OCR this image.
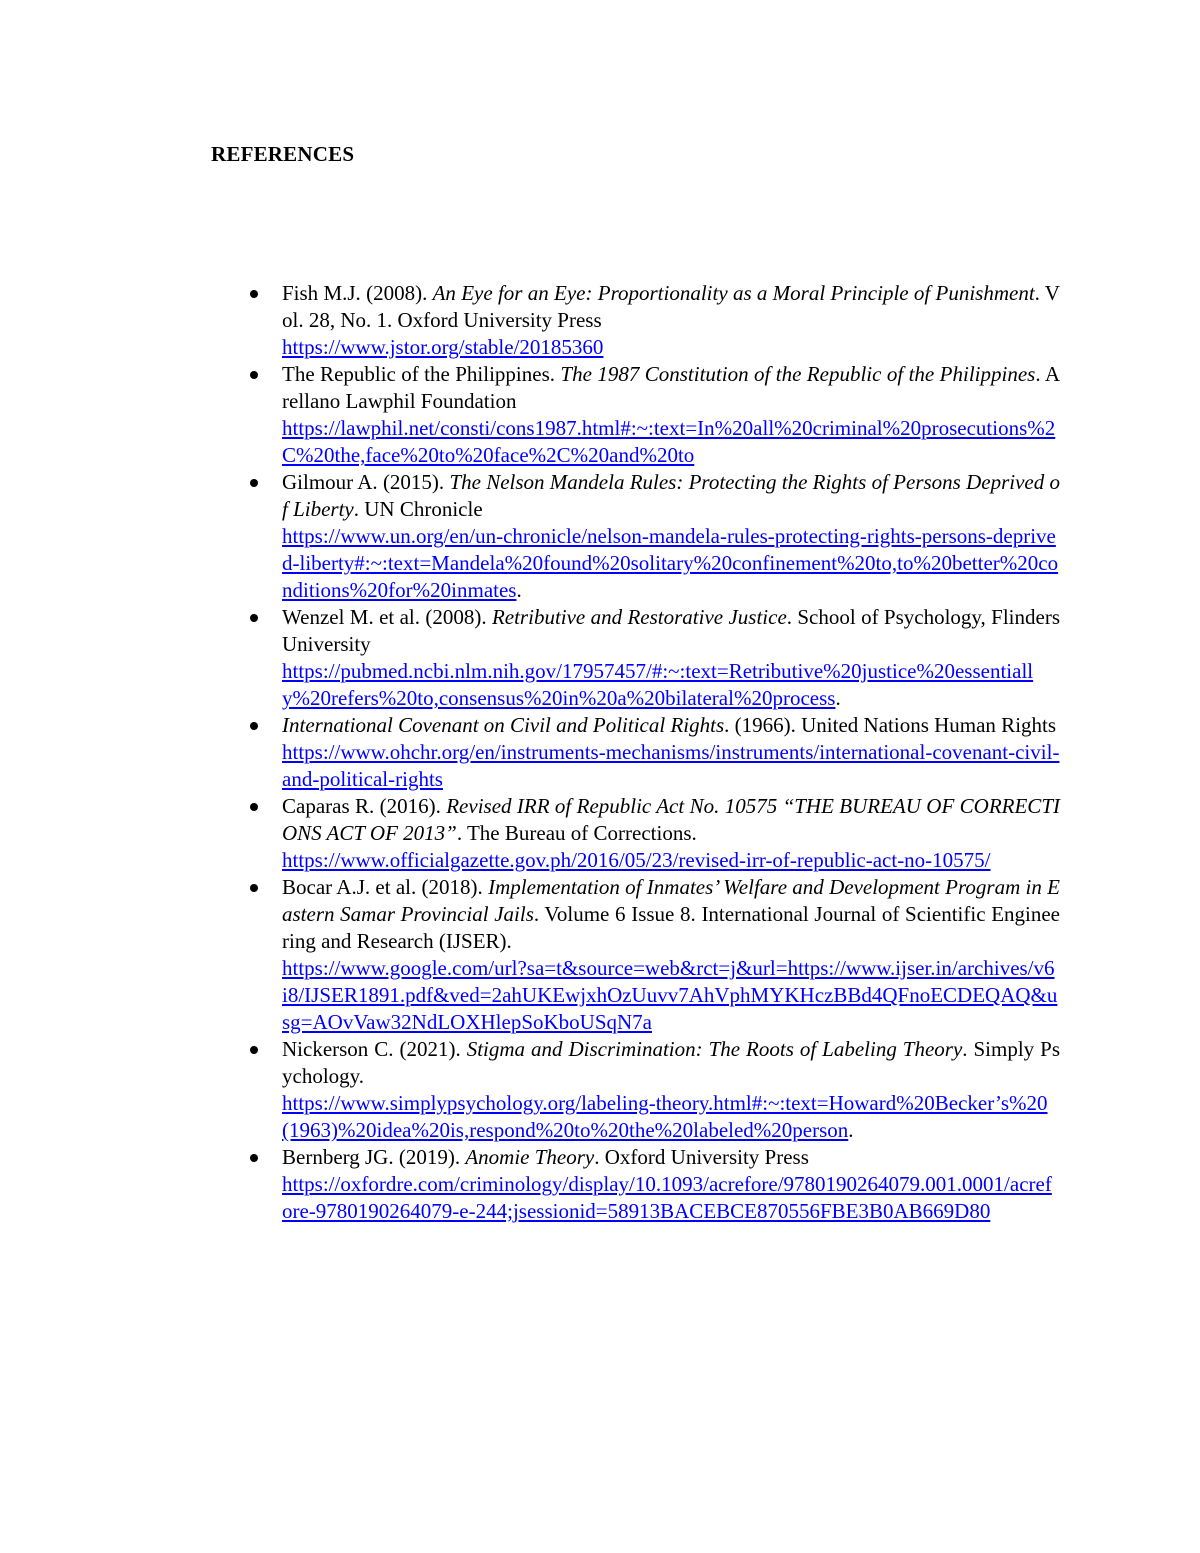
REFERENCES
Fish M.J. (2008). An Eye for an Eye: Proportionality as a Moral Principle of Punishment. Vol. 28, No. 1. Oxford University Press
https://www.jstor.org/stable/20185360
The Republic of the Philippines. The 1987 Constitution of the Republic of the Philippines. Arellano Lawphil Foundation
https://lawphil.net/consti/cons1987.html#:~:text=In%20all%20criminal%20prosecutions%2C%20the,face%20to%20face%2C%20and%20to
Gilmour A. (2015). The Nelson Mandela Rules: Protecting the Rights of Persons Deprived of Liberty. UN Chronicle
https://www.un.org/en/un-chronicle/nelson-mandela-rules-protecting-rights-persons-deprived-liberty#:~:text=Mandela%20found%20solitary%20confinement%20to,to%20better%20conditions%20for%20inmates.
Wenzel M. et al. (2008). Retributive and Restorative Justice. School of Psychology, Flinders University
https://pubmed.ncbi.nlm.nih.gov/17957457/#:~:text=Retributive%20justice%20essentially%20refers%20to,consensus%20in%20a%20bilateral%20process.
International Covenant on Civil and Political Rights. (1966). United Nations Human Rights
https://www.ohchr.org/en/instruments-mechanisms/instruments/international-covenant-civil-and-political-rights
Caparas R. (2016). Revised IRR of Republic Act No. 10575 “THE BUREAU OF CORRECTIONS ACT OF 2013”. The Bureau of Corrections.
https://www.officialgazette.gov.ph/2016/05/23/revised-irr-of-republic-act-no-10575/
Bocar A.J. et al. (2018). Implementation of Inmates’ Welfare and Development Program in Eastern Samar Provincial Jails. Volume 6 Issue 8. International Journal of Scientific Engineering and Research (IJSER).
https://www.google.com/url?sa=t&source=web&rct=j&url=https://www.ijser.in/archives/v6i8/IJSER1891.pdf&ved=2ahUKEwjxhOzUuvv7AhVphMYKHczBBd4QFnoECDEQAQ&usg=AOvVaw32NdLOXHlepSoKboUSqN7a
Nickerson C. (2021). Stigma and Discrimination: The Roots of Labeling Theory. Simply Psychology.
https://www.simplypsychology.org/labeling-theory.html#:~:text=Howard%20Becker’s%20(1963)%20idea%20is,respond%20to%20the%20labeled%20person.
Bernberg JG. (2019). Anomie Theory. Oxford University Press
https://oxfordre.com/criminology/display/10.1093/acrefore/9780190264079.001.0001/acrefore-9780190264079-e-244;jsessionid=58913BACEBCE870556FBE3B0AB669D80
